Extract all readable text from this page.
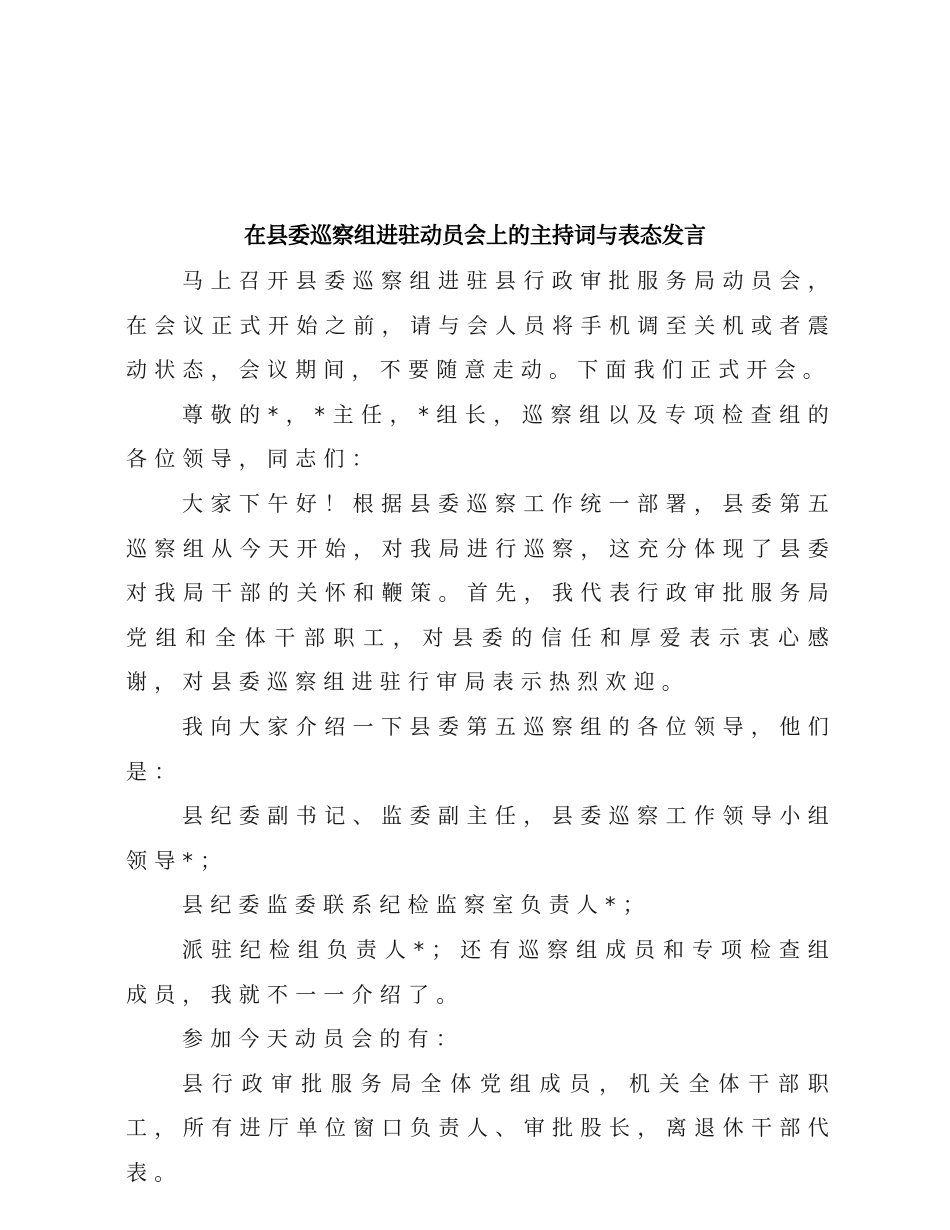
在县委巡察组进驻动员会上的主持词与表态发言

马上召开县委巡察组进驻县行政审批服务局动员会，在会议正式开始之前，请与会人员将手机调至关机或者震动状态，会议期间，不要随意走动。下面我们正式开会。

尊敬的*，*主任，*组长，巡察组以及专项检查组的各位领导，同志们：

大家下午好！根据县委巡察工作统一部署，县委第五巡察组从今天开始，对我局进行巡察，这充分体现了县委对我局干部的关怀和鞭策。首先，我代表行政审批服务局党组和全体干部职工，对县委的信任和厚爱表示衷心感谢，对县委巡察组进驻行审局表示热烈欢迎。

我向大家介绍一下县委第五巡察组的各位领导，他们是：

县纪委副书记、监委副主任，县委巡察工作领导小组领导*；

县纪委监委联系纪检监察室负责人*；

派驻纪检组负责人*；还有巡察组成员和专项检查组成员，我就不一一介绍了。

参加今天动员会的有：

县行政审批服务局全体党组成员，机关全体干部职工，所有进厅单位窗口负责人、审批股长，离退休干部代表。
